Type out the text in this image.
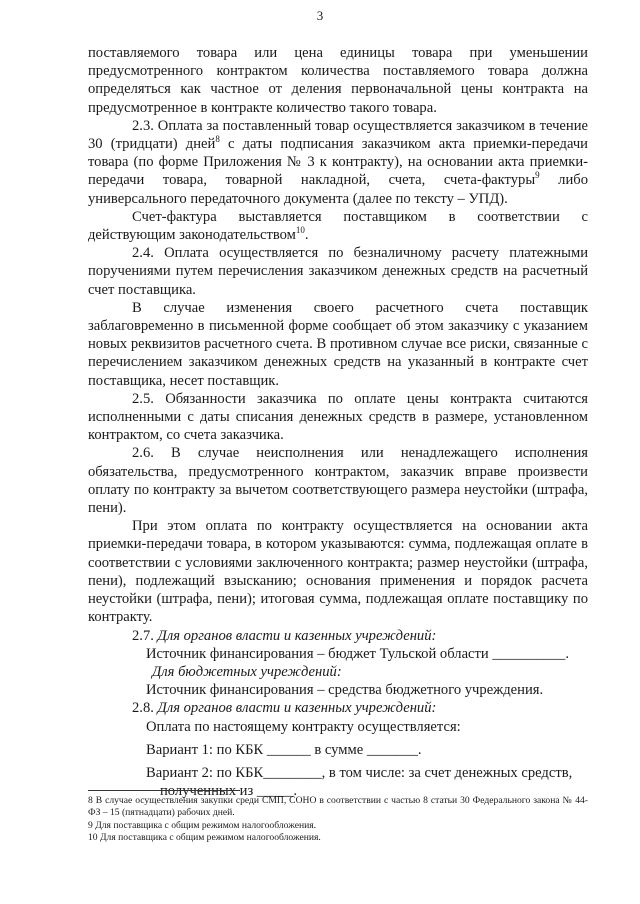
3

поставляемого товара или цена единицы товара при уменьшении предусмотренного контрактом количества поставляемого товара должна определяться как частное от деления первоначальной цены контракта на предусмотренное в контракте количество такого товара.

2.3. Оплата за поставленный товар осуществляется заказчиком в течение 30 (тридцати) дней$^8$ с даты подписания заказчиком акта приемки-передачи товара (по форме Приложения № 3 к контракту), на основании акта приемки-передачи товара, товарной накладной, счета, счета-фактуры$^9$ либо универсального передаточного документа (далее по тексту – УПД).

Счет-фактура выставляется поставщиком в соответствии с действующим законодательством$^{10}$.

2.4. Оплата осуществляется по безналичному расчету платежными поручениями путем перечисления заказчиком денежных средств на расчетный счет поставщика.

В случае изменения своего расчетного счета поставщик заблаговременно в письменной форме сообщает об этом заказчику с указанием новых реквизитов расчетного счета. В противном случае все риски, связанные с перечислением заказчиком денежных средств на указанный в контракте счет поставщика, несет поставщик.

2.5. Обязанности заказчика по оплате цены контракта считаются исполненными с даты списания денежных средств в размере, установленном контрактом, со счета заказчика.

2.6. В случае неисполнения или ненадлежащего исполнения обязательства, предусмотренного контрактом, заказчик вправе произвести оплату по контракту за вычетом соответствующего размера неустойки (штрафа, пени).

При этом оплата по контракту осуществляется на основании акта приемки-передачи товара, в котором указываются: сумма, подлежащая оплате в соответствии с условиями заключенного контракта; размер неустойки (штрафа, пени), подлежащий взысканию; основания применения и порядок расчета неустойки (штрафа, пени); итоговая сумма, подлежащая оплате поставщику по контракту.

2.7. Для органов власти и казенных учреждений:

Источник финансирования – бюджет Тульской области __________.

Для бюджетных учреждений:

Источник финансирования – средства бюджетного учреждения.

2.8. Для органов власти и казенных учреждений:

Оплата по настоящему контракту осуществляется:

Вариант 1: по КБК ______ в сумме _______.

Вариант 2: по КБК________, в том числе: за счет денежных средств,

полученных из _____.

8 В случае осуществления закупки среди СМП, СОНО в соответствии с частью 8 статьи 30 Федерального закона № 44-ФЗ – 15 (пятнадцати) рабочих дней.

9 Для поставщика с общим режимом налогообложения.

10 Для поставщика с общим режимом налогообложения.
